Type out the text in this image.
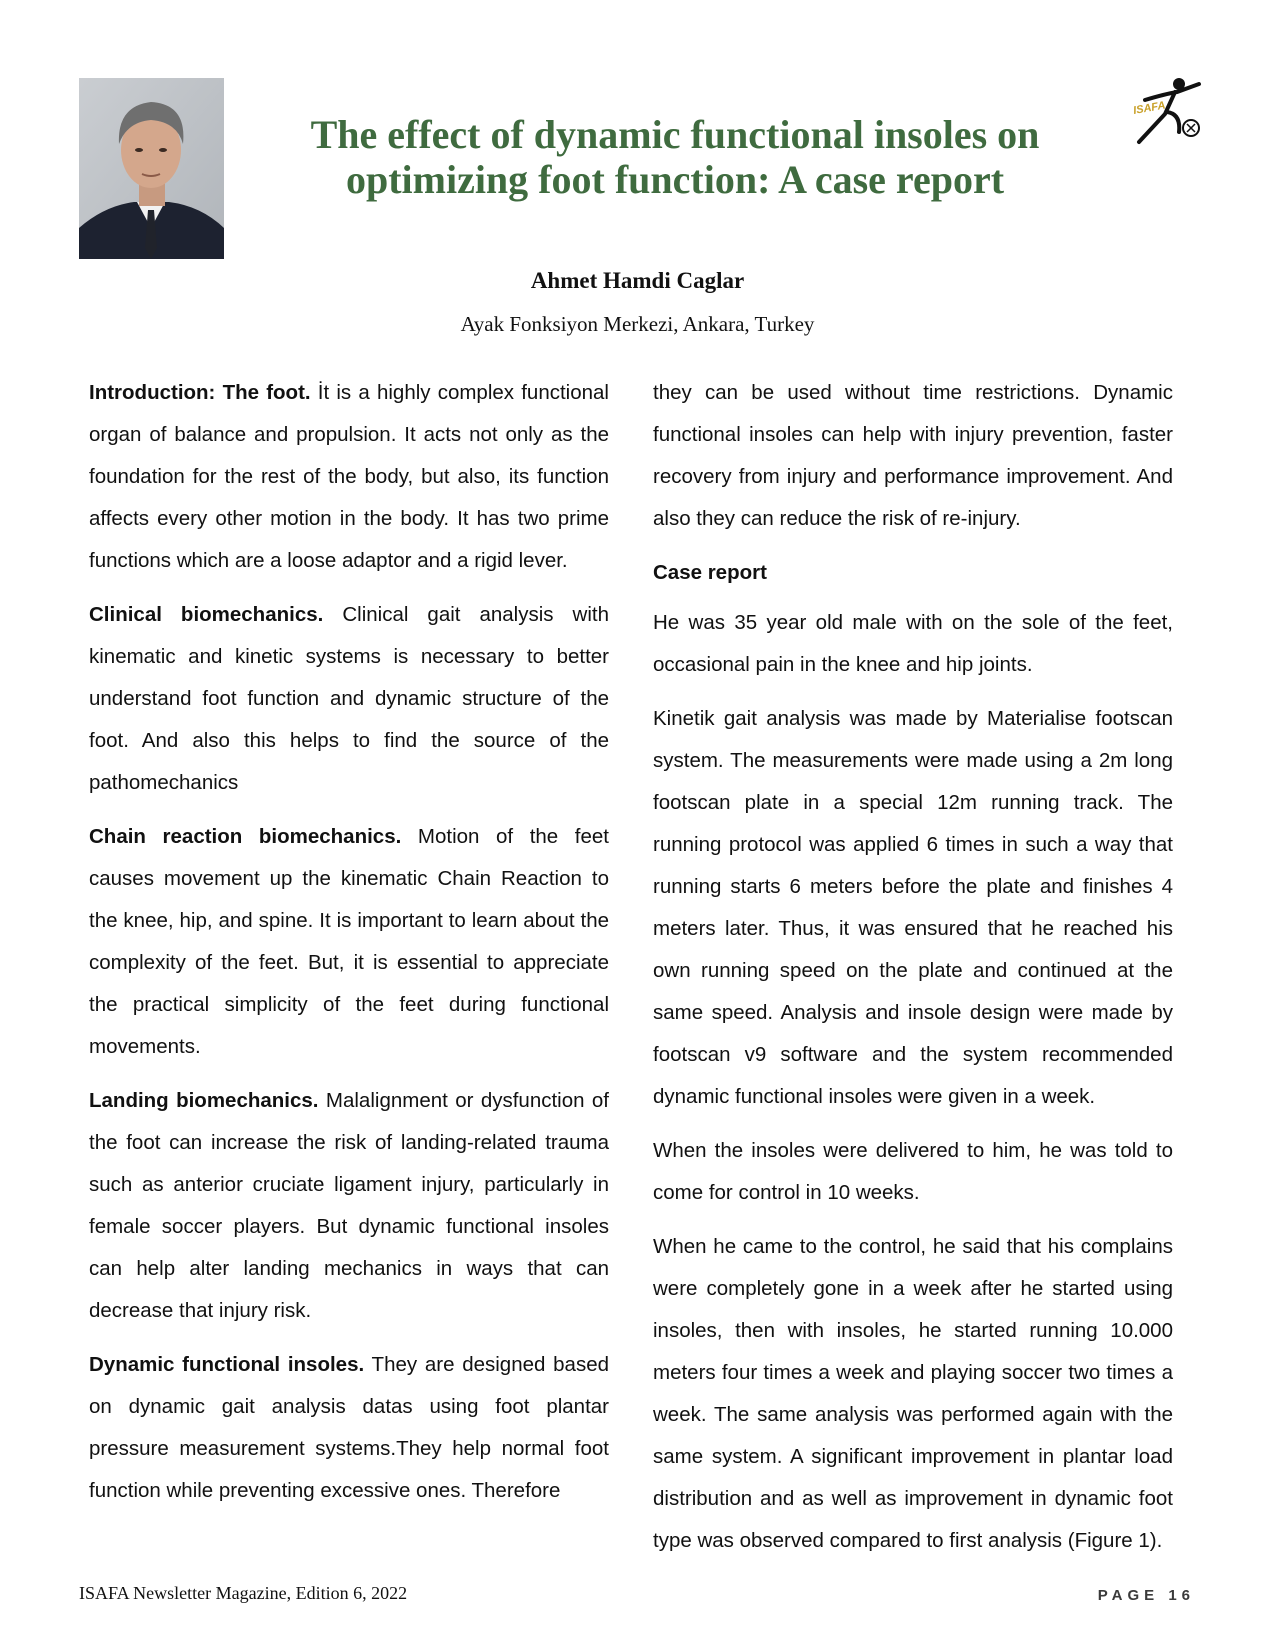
ISAFA
The effect of dynamic functional insoles on optimizing foot function: A case report
Ahmet Hamdi Caglar
Ayak Fonksiyon Merkezi, Ankara, Turkey

Introduction: The foot. İt is a highly complex functional organ of balance and propulsion. It acts not only as the foundation for the rest of the body, but also, its function affects every other motion in the body. It has two prime functions which are a loose adaptor and a rigid lever.

Clinical biomechanics. Clinical gait analysis with kinematic and kinetic systems is necessary to better understand foot function and dynamic structure of the foot. And also this helps to find the source of the pathomechanics

Chain reaction biomechanics. Motion of the feet causes movement up the kinematic Chain Reaction to the knee, hip, and spine. It is important to learn about the complexity of the feet. But, it is essential to appreciate the practical simplicity of the feet during functional movements.

Landing biomechanics. Malalignment or dysfunction of the foot can increase the risk of landing-related trauma such as anterior cruciate ligament injury, particularly in female soccer players. But dynamic functional insoles can help alter landing mechanics in ways that can decrease that injury risk.

Dynamic functional insoles. They are designed based on dynamic gait analysis datas using foot plantar pressure measurement systems.They help normal foot function while preventing excessive ones. Therefore

they can be used without time restrictions. Dynamic functional insoles can help with injury prevention, faster recovery from injury and performance improvement. And also they can reduce the risk of re-injury.

Case report

He was 35 year old male with on the sole of the feet, occasional pain in the knee and hip joints.

Kinetik gait analysis was made by Materialise footscan system. The measurements were made using a 2m long footscan plate in a special 12m running track. The running protocol was applied 6 times in such a way that running starts 6 meters before the plate and finishes 4 meters later. Thus, it was ensured that he reached his own running speed on the plate and continued at the same speed. Analysis and insole design were made by footscan v9 software and the system recommended dynamic functional insoles were given in a week.

When the insoles were delivered to him, he was told to come for control in 10 weeks.

When he came to the control, he said that his complains were completely gone in a week after he started using insoles, then with insoles, he started running 10.000 meters four times a week and playing soccer two times a week. The same analysis was performed again with the same system. A significant improvement in plantar load distribution and as well as improvement in dynamic foot type was observed compared to first analysis (Figure 1).

ISAFA Newsletter Magazine, Edition 6, 2022	PAGE 16
